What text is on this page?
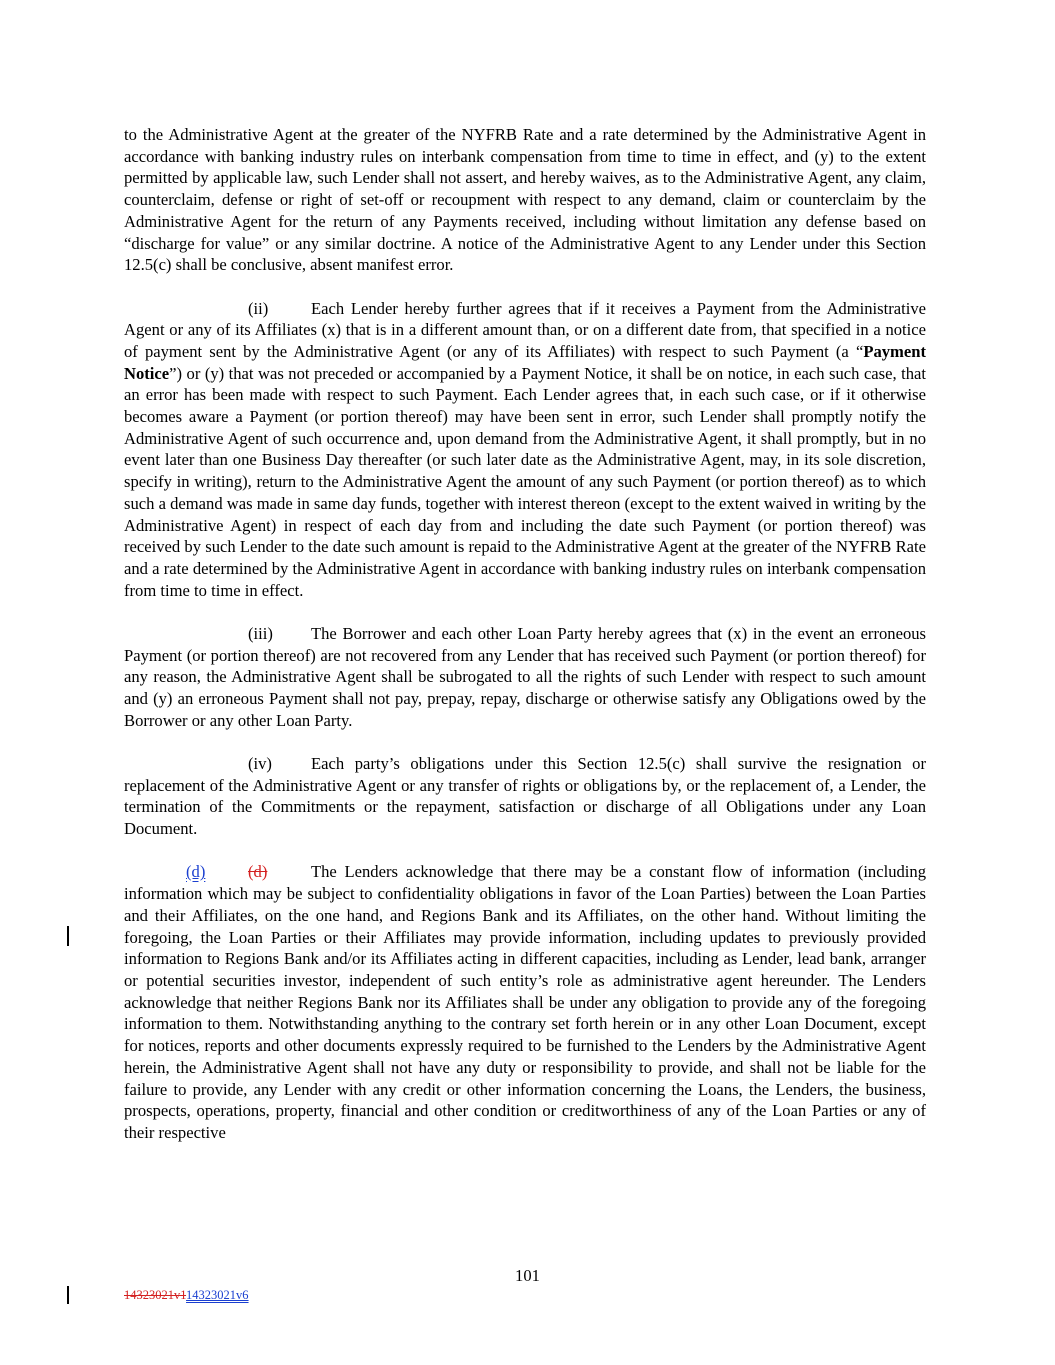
to the Administrative Agent at the greater of the NYFRB Rate and a rate determined by the Administrative Agent in accordance with banking industry rules on interbank compensation from time to time in effect, and (y) to the extent permitted by applicable law, such Lender shall not assert, and hereby waives, as to the Administrative Agent, any claim, counterclaim, defense or right of set-off or recoupment with respect to any demand, claim or counterclaim by the Administrative Agent for the return of any Payments received, including without limitation any defense based on “discharge for value” or any similar doctrine. A notice of the Administrative Agent to any Lender under this Section 12.5(c) shall be conclusive, absent manifest error.

(ii)	Each Lender hereby further agrees that if it receives a Payment from the Administrative Agent or any of its Affiliates (x) that is in a different amount than, or on a different date from, that specified in a notice of payment sent by the Administrative Agent (or any of its Affiliates) with respect to such Payment (a “Payment Notice”) or (y) that was not preceded or accompanied by a Payment Notice, it shall be on notice, in each such case, that an error has been made with respect to such Payment. Each Lender agrees that, in each such case, or if it otherwise becomes aware a Payment (or portion thereof) may have been sent in error, such Lender shall promptly notify the Administrative Agent of such occurrence and, upon demand from the Administrative Agent, it shall promptly, but in no event later than one Business Day thereafter (or such later date as the Administrative Agent, may, in its sole discretion, specify in writing), return to the Administrative Agent the amount of any such Payment (or portion thereof) as to which such a demand was made in same day funds, together with interest thereon (except to the extent waived in writing by the Administrative Agent) in respect of each day from and including the date such Payment (or portion thereof) was received by such Lender to the date such amount is repaid to the Administrative Agent at the greater of the NYFRB Rate and a rate determined by the Administrative Agent in accordance with banking industry rules on interbank compensation from time to time in effect.

(iii) The Borrower and each other Loan Party hereby agrees that (x) in the event an erroneous Payment (or portion thereof) are not recovered from any Lender that has received such Payment (or portion thereof) for any reason, the Administrative Agent shall be subrogated to all the rights of such Lender with respect to such amount and (y) an erroneous Payment shall not pay, prepay, repay, discharge or otherwise satisfy any Obligations owed by the Borrower or any other Loan Party.

(iv) Each party’s obligations under this Section 12.5(c) shall survive the resignation or replacement of the Administrative Agent or any transfer of rights or obligations by, or the replacement of, a Lender, the termination of the Commitments or the repayment, satisfaction or discharge of all Obligations under any Loan Document.

(d)	(d)	The Lenders acknowledge that there may be a constant flow of information (including information which may be subject to confidentiality obligations in favor of the Loan Parties) between the Loan Parties and their Affiliates, on the one hand, and Regions Bank and its Affiliates, on the other hand. Without limiting the foregoing, the Loan Parties or their Affiliates may provide information, including updates to previously provided information to Regions Bank and/or its Affiliates acting in different capacities, including as Lender, lead bank, arranger or potential securities investor, independent of such entity’s role as administrative agent hereunder. The Lenders acknowledge that neither Regions Bank nor its Affiliates shall be under any obligation to provide any of the foregoing information to them. Notwithstanding anything to the contrary set forth herein or in any other Loan Document, except for notices, reports and other documents expressly required to be furnished to the Lenders by the Administrative Agent herein, the Administrative Agent shall not have any duty or responsibility to provide, and shall not be liable for the failure to provide, any Lender with any credit or other information concerning the Loans, the Lenders, the business, prospects, operations, property, financial and other condition or creditworthiness of any of the Loan Parties or any of their respective

101
14323021v114323021v6
